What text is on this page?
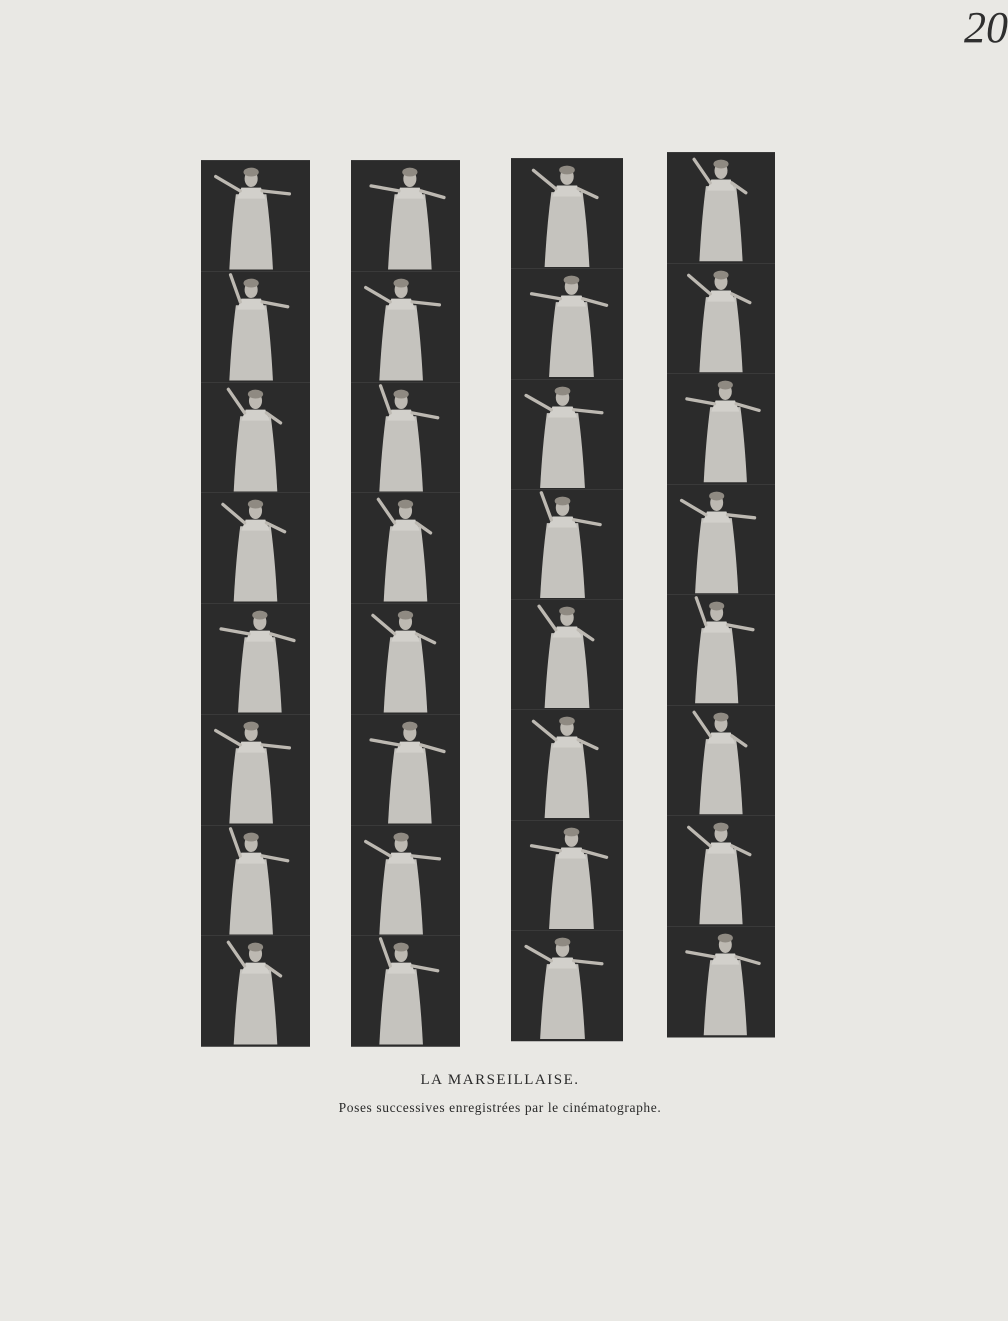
20
LA MARSEILLAISE.
Poses successives enregistrées par le cinématographe.
